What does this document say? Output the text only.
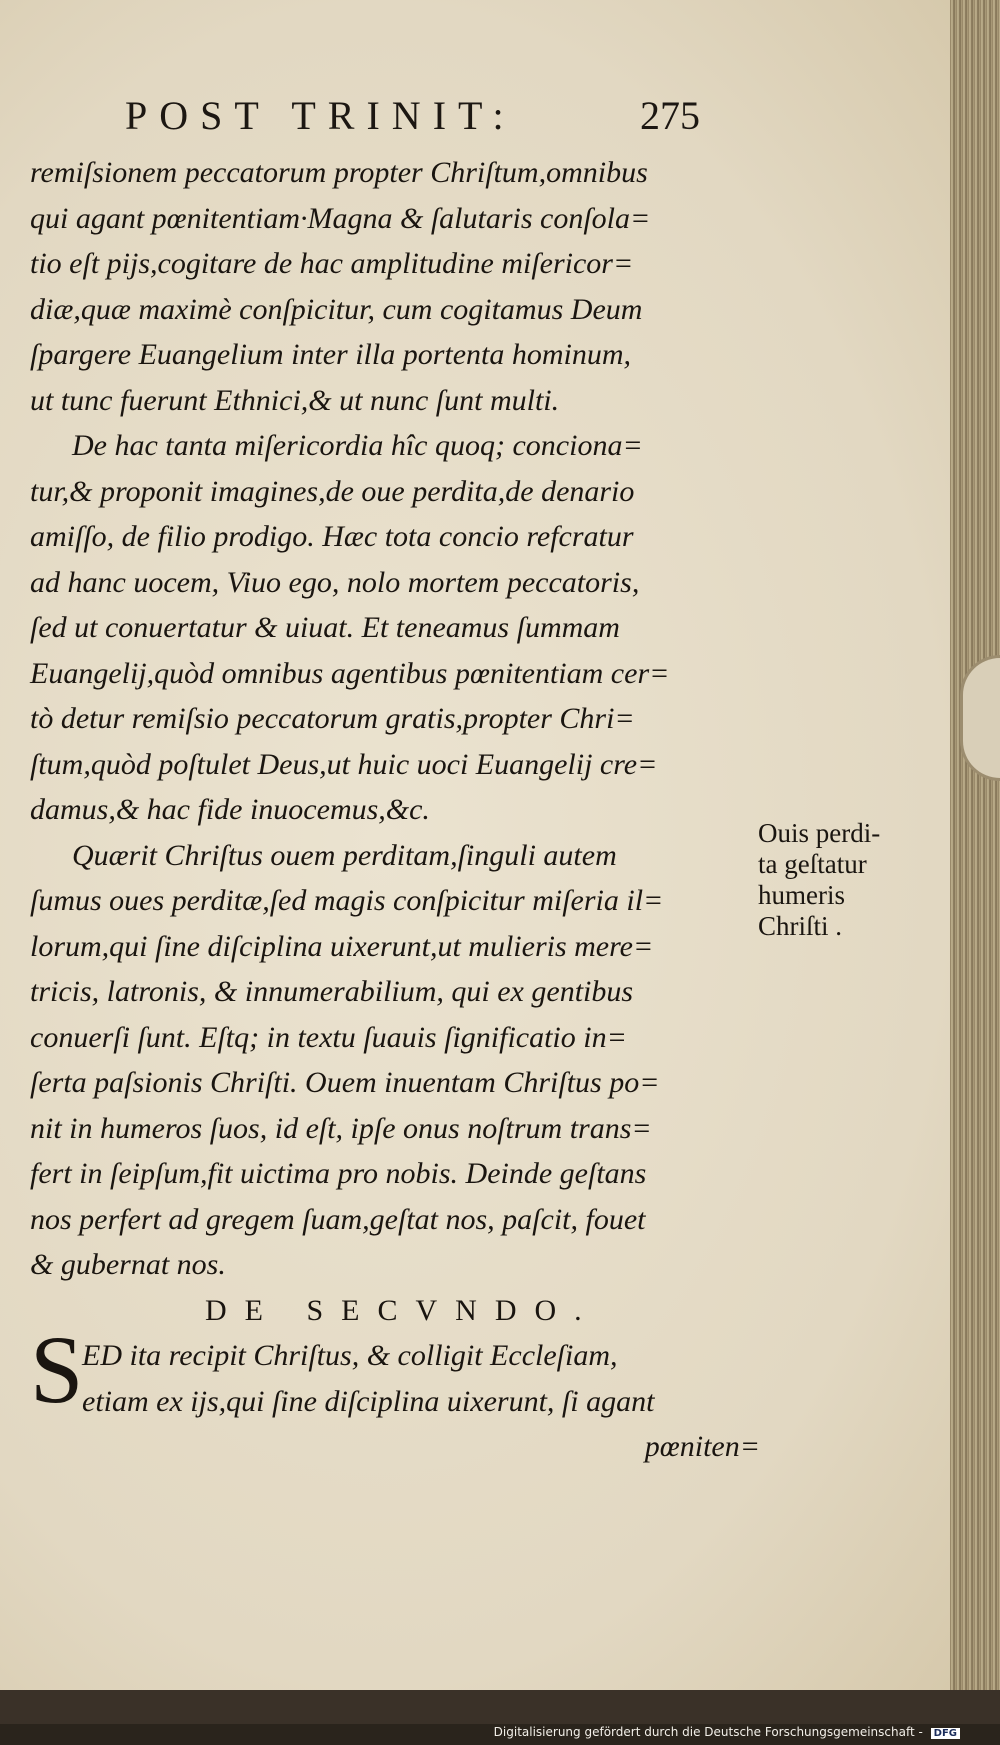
POST TRINIT:	275
remiſsionem peccatorum propter Chriſtum,omnibus
qui agant pœnitentiam·Magna & ſalutaris conſola=
tio eſt pijs,cogitare de hac amplitudine miſericor=
diæ,quæ maximè conſpicitur, cum cogitamus Deum
ſpargere Euangelium inter illa portenta hominum,
ut tunc fuerunt Ethnici,& ut nunc ſunt multi.
De hac tanta miſericordia hîc quoq; conciona=
tur,& proponit imagines,de oue perdita,de denario
amiſſo, de filio prodigo. Hæc tota concio refcratur
ad hanc uocem, Viuo ego, nolo mortem peccatoris,
ſed ut conuertatur & uiuat. Et teneamus ſummam
Euangelij,quòd omnibus agentibus pœnitentiam cer=
tò detur remiſsio peccatorum gratis,propter Chri=
ſtum,quòd poſtulet Deus,ut huic uoci Euangelij cre=
damus,& hac fide inuocemus,&c.
Quærit Chriſtus ouem perditam,ſinguli autem
ſumus oues perditæ,ſed magis conſpicitur miſeria il=
lorum,qui ſine diſciplina uixerunt,ut mulieris mere=
tricis, latronis, & innumerabilium, qui ex gentibus
conuerſi ſunt. Eſtq; in textu ſuauis ſignificatio in=
ſerta paſsionis Chriſti. Ouem inuentam Chriſtus po=
nit in humeros ſuos, id eſt, ipſe onus noſtrum trans=
fert in ſeipſum,fit uictima pro nobis. Deinde geſtans
nos perfert ad gregem ſuam,geſtat nos, paſcit, fouet
& gubernat nos.
DE SECVNDO.
ED ita recipit Chriſtus, & colligit Eccleſiam,
etiam ex ijs,qui ſine diſciplina uixerunt, ſi agant
pœniten=
S
Ouis perdi-
ta geſtatur
humeris
Chriſti .
Digitalisierung gefördert durch die Deutsche Forschungsgemeinschaft - DFG
